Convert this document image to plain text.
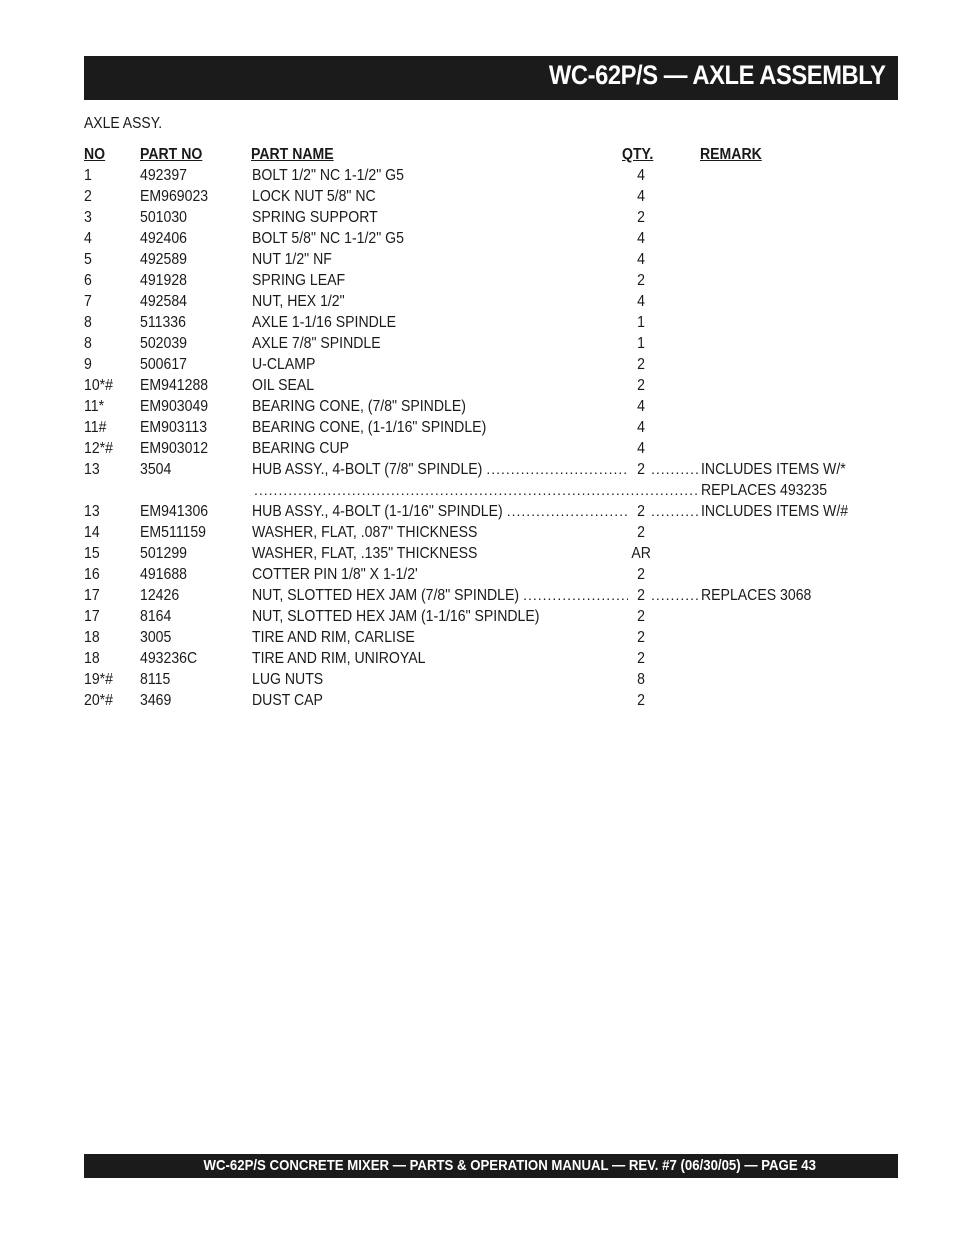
WC-62P/S — AXLE ASSEMBLY
AXLE ASSY.
NO PART NO	PART NAME	QTY.	REMARK
1	492397	BOLT 1/2" NC 1-1/2" G5	4
2	EM969023	LOCK NUT 5/8" NC	4
3	501030	SPRING SUPPORT	2
4	492406	BOLT 5/8" NC 1-1/2" G5	4
5	492589	NUT 1/2" NF	4
6	491928	SPRING LEAF	2
7	492584	NUT, HEX 1/2"	4
8	511336	AXLE 1-1/16 SPINDLE	1
8	502039	AXLE 7/8" SPINDLE	1
9	500617	U-CLAMP	2
10*# EM941288	OIL SEAL	2
11* EM903049	BEARING CONE, (7/8" SPINDLE)	4
11# EM903113	BEARING CONE, (1-1/16" SPINDLE)	4
12*# EM903012	BEARING CUP	4
13	3504	HUB ASSY., 4-BOLT (7/8" SPINDLE)	2	INCLUDES ITEMS W/*
.....
.....
REPLACES 493235
.....
13	EM941306	HUB ASSY., 4-BOLT (1-1/16" SPINDLE)	2	INCLUDES ITEMS W/#
.....
.....
14	EM511159	WASHER, FLAT, .087" THICKNESS	2
15	501299	WASHER, FLAT, .135" THICKNESS	AR
16	491688	COTTER PIN 1/8" X 1-1/2'	2
17	12426	NUT, SLOTTED HEX JAM (7/8" SPINDLE)	2	REPLACES 3068
.....
.....
17	8164	NUT, SLOTTED HEX JAM (1-1/16" SPINDLE)	2
18	3005	TIRE AND RIM, CARLISE	2
18	493236C	TIRE AND RIM, UNIROYAL	2
19*# 8115	LUG NUTS	8
20*# 3469	DUST CAP	2
WC-62P/S CONCRETE MIXER — PARTS & OPERATION MANUAL — REV. #7 (06/30/05) — PAGE 43
